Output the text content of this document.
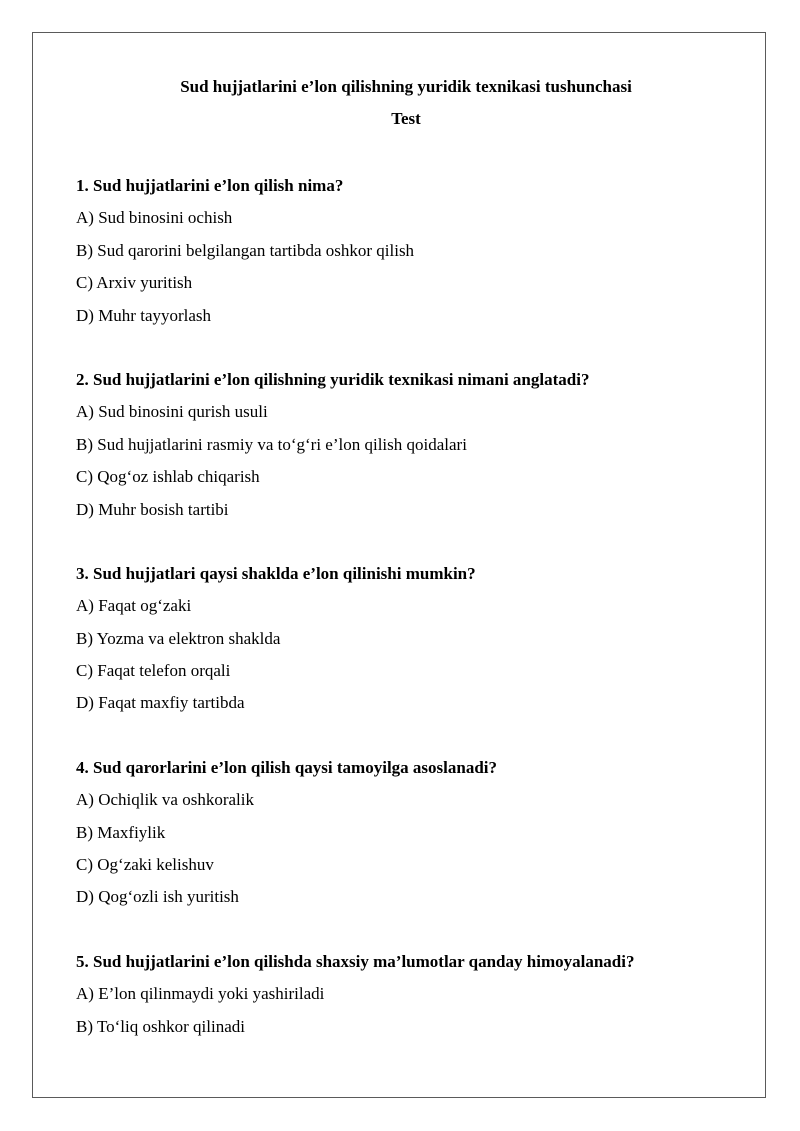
Sud hujjatlarini e’lon qilishning yuridik texnikasi tushunchasi
Test
1. Sud hujjatlarini e’lon qilish nima?
A) Sud binosini ochish
B) Sud qarorini belgilangan tartibda oshkor qilish
C) Arxiv yuritish
D) Muhr tayyorlash
2. Sud hujjatlarini e’lon qilishning yuridik texnikasi nimani anglatadi?
A) Sud binosini qurish usuli
B) Sud hujjatlarini rasmiy va to‘g‘ri e’lon qilish qoidalari
C) Qog‘oz ishlab chiqarish
D) Muhr bosish tartibi
3. Sud hujjatlari qaysi shaklda e’lon qilinishi mumkin?
A) Faqat og‘zaki
B) Yozma va elektron shaklda
C) Faqat telefon orqali
D) Faqat maxfiy tartibda
4. Sud qarorlarini e’lon qilish qaysi tamoyilga asoslanadi?
A) Ochiqlik va oshkoralik
B) Maxfiylik
C) Og‘zaki kelishuv
D) Qog‘ozli ish yuritish
5. Sud hujjatlarini e’lon qilishda shaxsiy ma’lumotlar qanday himoyalanadi?
A) E’lon qilinmaydi yoki yashiriladi
B) To‘liq oshkor qilinadi
